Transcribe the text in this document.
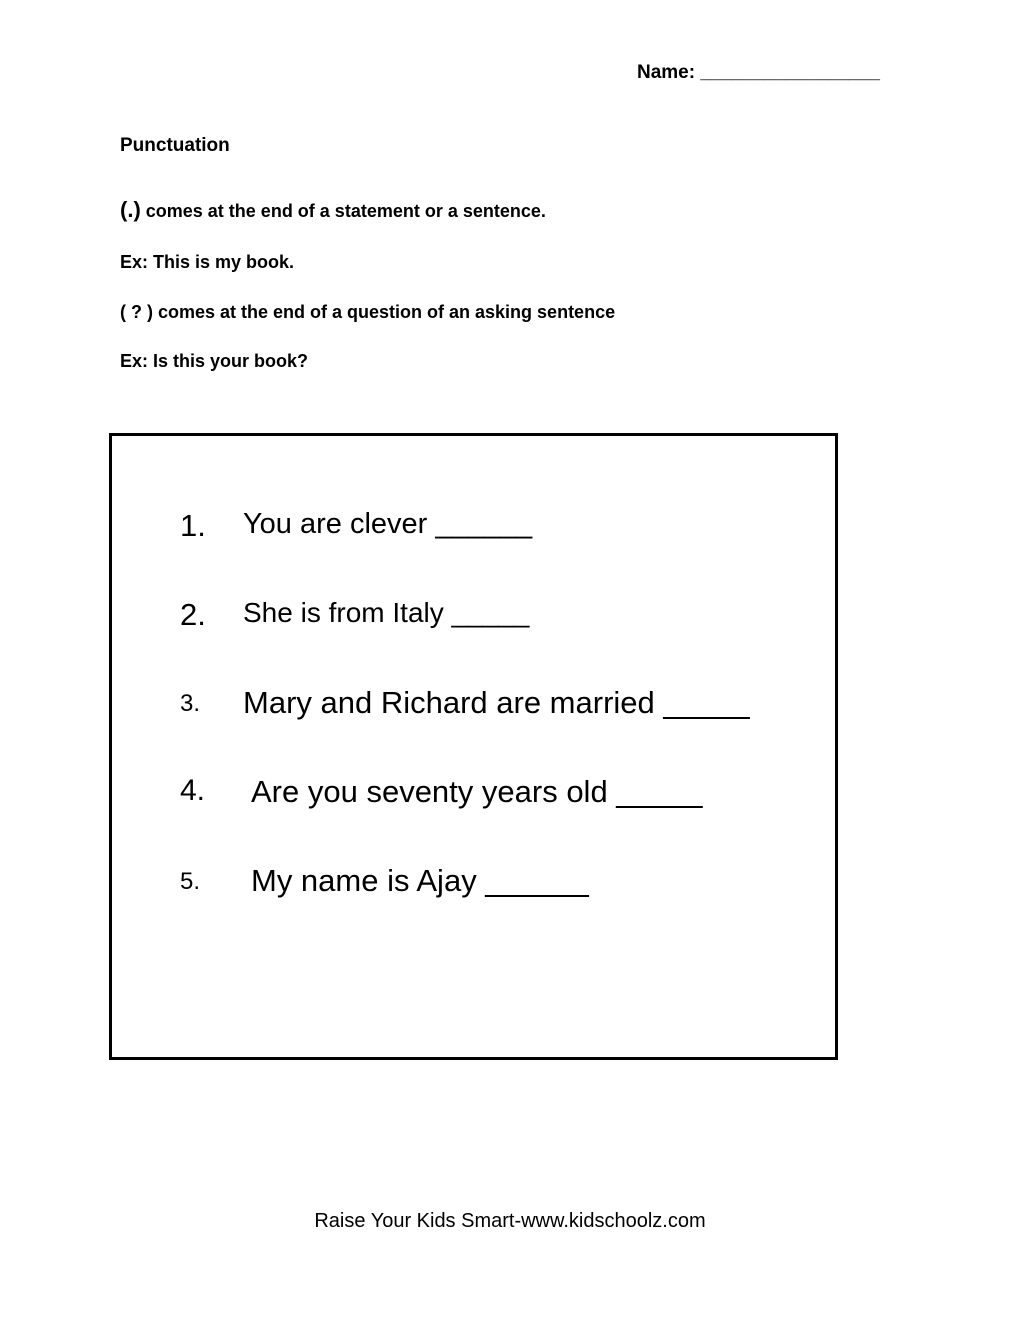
Name: _________________
Punctuation
(.) comes at the end of a statement or a sentence.
Ex: This is my book.
( ? ) comes at the end of a question of an asking sentence
Ex: Is this your book?
1. You are clever ______
2. She is from Italy _____
3. Mary and Richard are married _____
4. Are you seventy years old _____
5. My name is Ajay ______
Raise Your Kids Smart-www.kidschoolz.com
